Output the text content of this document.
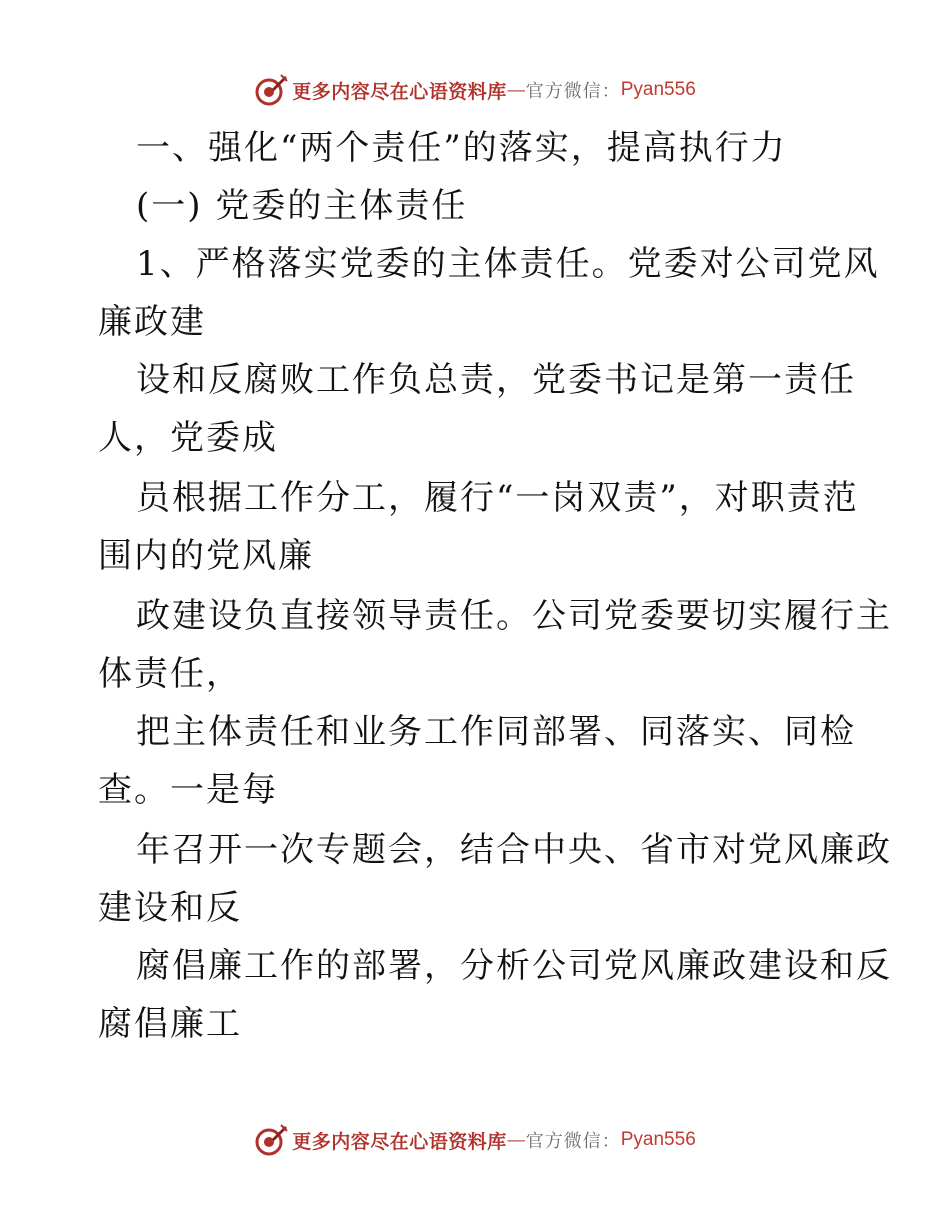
更多内容尽在心语资料库 — 官方微信： Pyan556
一、强化“两个责任”的落实，提高执行力
(一) 党委的主体责任
1、严格落实党委的主体责任。党委对公司党风
廉政建
设和反腐败工作负总责，党委书记是第一责任
人，党委成
员根据工作分工，履行“一岗双责”，对职责范
围内的党风廉
政建设负直接领导责任。公司党委要切实履行主
体责任，
把主体责任和业务工作同部署、同落实、同检
查。一是每
年召开一次专题会，结合中央、省市对党风廉政
建设和反
腐倡廉工作的部署，分析公司党风廉政建设和反
腐倡廉工
更多内容尽在心语资料库 — 官方微信： Pyan556
